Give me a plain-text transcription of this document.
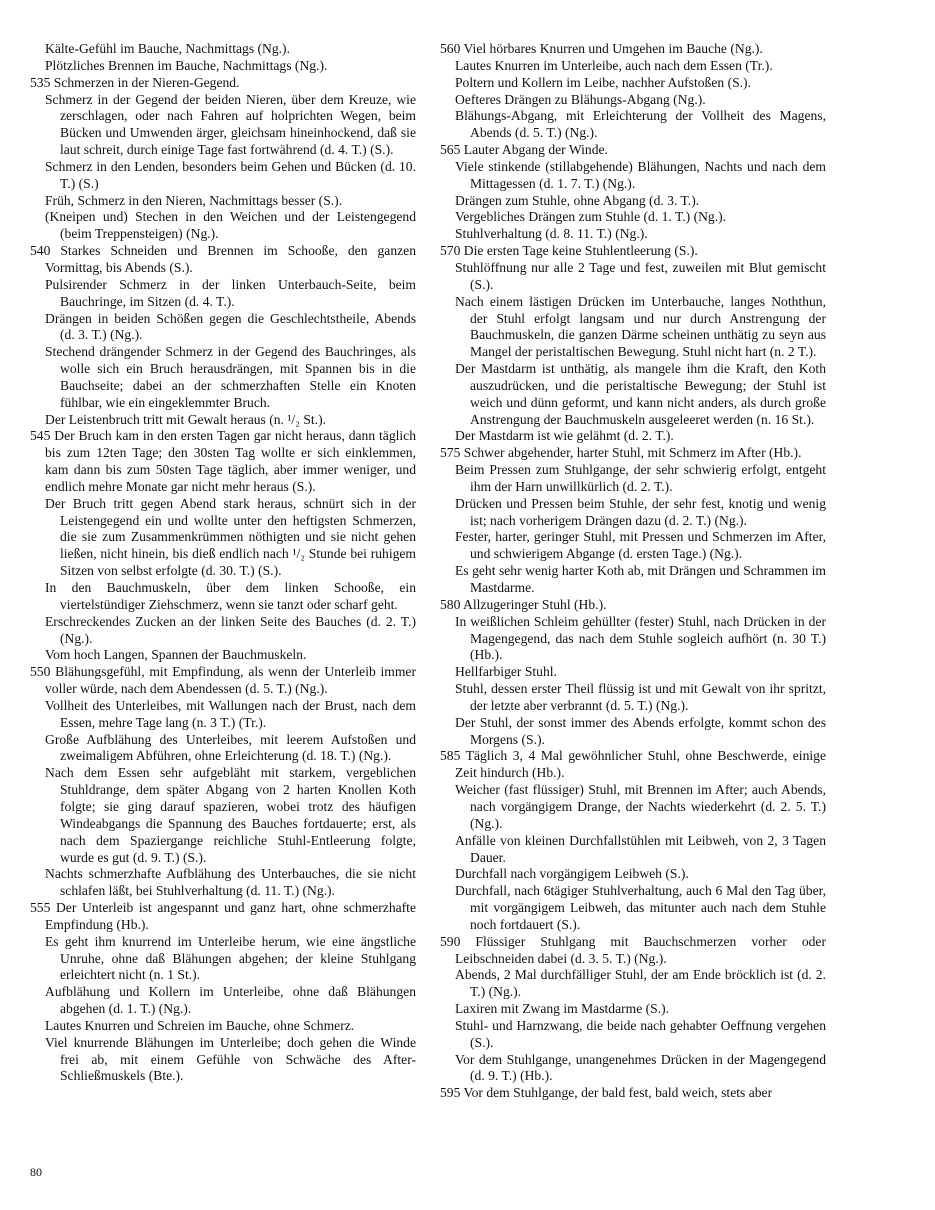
Kälte-Gefühl im Bauche, Nachmittags (Ng.).

Plötzliches Brennen im Bauche, Nachmittags (Ng.).

535 Schmerzen in der Nieren-Gegend.

Schmerz in der Gegend der beiden Nieren, über dem Kreuze, wie zerschlagen, oder nach Fahren auf holprichten Wegen, beim Bücken und Umwenden ärger, gleichsam hineinhockend, daß sie laut schreit, durch einige Tage fast fortwährend (d. 4. T.) (S.).

Schmerz in den Lenden, besonders beim Gehen und Bücken (d. 10. T.) (S.)

Früh, Schmerz in den Nieren, Nachmittags besser (S.).

(Kneipen und) Stechen in den Weichen und der Leistengegend (beim Treppensteigen) (Ng.).

540 Starkes Schneiden und Brennen im Schooße, den ganzen Vormittag, bis Abends (S.).

Pulsirender Schmerz in der linken Unterbauch-Seite, beim Bauchringe, im Sitzen (d. 4. T.).

Drängen in beiden Schößen gegen die Geschlechtstheile, Abends (d. 3. T.) (Ng.).

Stechend drängender Schmerz in der Gegend des Bauchringes, als wolle sich ein Bruch herausdrängen, mit Spannen bis in die Bauchseite; dabei an der schmerzhaften Stelle ein Knoten fühlbar, wie ein eingeklemmter Bruch.

Der Leistenbruch tritt mit Gewalt heraus (n. ¹/₂ St.).

545 Der Bruch kam in den ersten Tagen gar nicht heraus, dann täglich bis zum 12ten Tage; den 30sten Tag wollte er sich einklemmen, kam dann bis zum 50sten Tage täglich, aber immer weniger, und endlich mehre Monate gar nicht mehr heraus (S.).

Der Bruch tritt gegen Abend stark heraus, schnürt sich in der Leistengegend ein und wollte unter den heftigsten Schmerzen, die sie zum Zusammenkrümmen nöthigten und sie nicht gehen ließen, nicht hinein, bis dieß endlich nach ¹/₂ Stunde bei ruhigem Sitzen von selbst erfolgte (d. 30. T.) (S.).

In den Bauchmuskeln, über dem linken Schooße, ein viertelstündiger Ziehschmerz, wenn sie tanzt oder scharf geht.

Erschreckendes Zucken an der linken Seite des Bauches (d. 2. T.) (Ng.).

Vom hoch Langen, Spannen der Bauchmuskeln.

550 Blähungsgefühl, mit Empfindung, als wenn der Unterleib immer voller würde, nach dem Abendessen (d. 5. T.) (Ng.).

Vollheit des Unterleibes, mit Wallungen nach der Brust, nach dem Essen, mehre Tage lang (n. 3 T.) (Tr.).

Große Aufblähung des Unterleibes, mit leerem Aufstoßen und zweimaligem Abführen, ohne Erleichterung (d. 18. T.) (Ng.).

Nach dem Essen sehr aufgebläht mit starkem, vergeblichen Stuhldrange, dem später Abgang von 2 harten Knollen Koth folgte; sie ging darauf spazieren, wobei trotz des häufigen Windeabgangs die Spannung des Bauches fortdauerte; erst, als nach dem Spaziergange reichliche Stuhl-Entleerung folgte, wurde es gut (d. 9. T.) (S.).

Nachts schmerzhafte Aufblähung des Unterbauches, die sie nicht schlafen läßt, bei Stuhlverhaltung (d. 11. T.) (Ng.).

555 Der Unterleib ist angespannt und ganz hart, ohne schmerzhafte Empfindung (Hb.).

Es geht ihm knurrend im Unterleibe herum, wie eine ängstliche Unruhe, ohne daß Blähungen abgehen; der kleine Stuhlgang erleichtert nicht (n. 1 St.).

Aufblähung und Kollern im Unterleibe, ohne daß Blähungen abgehen (d. 1. T.) (Ng.).

Lautes Knurren und Schreien im Bauche, ohne Schmerz.

Viel knurrende Blähungen im Unterleibe; doch gehen die Winde frei ab, mit einem Gefühle von Schwäche des After-Schließmuskels (Bte.).

560 Viel hörbares Knurren und Umgehen im Bauche (Ng.).

Lautes Knurren im Unterleibe, auch nach dem Essen (Tr.).

Poltern und Kollern im Leibe, nachher Aufstoßen (S.).

Oefteres Drängen zu Blähungs-Abgang (Ng.).

Blähungs-Abgang, mit Erleichterung der Vollheit des Magens, Abends (d. 5. T.) (Ng.).

565 Lauter Abgang der Winde.

Viele stinkende (stillabgehende) Blähungen, Nachts und nach dem Mittagessen (d. 1. 7. T.) (Ng.).

Drängen zum Stuhle, ohne Abgang (d. 3. T.).

Vergebliches Drängen zum Stuhle (d. 1. T.) (Ng.).

Stuhlverhaltung (d. 8. 11. T.) (Ng.).

570 Die ersten Tage keine Stuhlentleerung (S.).

Stuhlöffnung nur alle 2 Tage und fest, zuweilen mit Blut gemischt (S.).

Nach einem lästigen Drücken im Unterbauche, langes Noththun, der Stuhl erfolgt langsam und nur durch Anstrengung der Bauchmuskeln, die ganzen Därme scheinen unthätig zu seyn aus Mangel der peristaltischen Bewegung. Stuhl nicht hart (n. 2 T.).

Der Mastdarm ist unthätig, als mangele ihm die Kraft, den Koth auszudrücken, und die peristaltische Bewegung; der Stuhl ist weich und dünn geformt, und kann nicht anders, als durch große Anstrengung der Bauchmuskeln ausgeleeret werden (n. 16 St.).

Der Mastdarm ist wie gelähmt (d. 2. T.).

575 Schwer abgehender, harter Stuhl, mit Schmerz im After (Hb.).

Beim Pressen zum Stuhlgange, der sehr schwierig erfolgt, entgeht ihm der Harn unwillkürlich (d. 2. T.).

Drücken und Pressen beim Stuhle, der sehr fest, knotig und wenig ist; nach vorherigem Drängen dazu (d. 2. T.) (Ng.).

Fester, harter, geringer Stuhl, mit Pressen und Schmerzen im After, und schwierigem Abgange (d. ersten Tage.) (Ng.).

Es geht sehr wenig harter Koth ab, mit Drängen und Schrammen im Mastdarme.

580 Allzugeringer Stuhl (Hb.).

In weißlichen Schleim gehüllter (fester) Stuhl, nach Drücken in der Magengegend, das nach dem Stuhle sogleich aufhört (n. 30 T.) (Hb.).

Hellfarbiger Stuhl.

Stuhl, dessen erster Theil flüssig ist und mit Gewalt von ihr spritzt, der letzte aber verbrannt (d. 5. T.) (Ng.).

Der Stuhl, der sonst immer des Abends erfolgte, kommt schon des Morgens (S.).

585 Täglich 3, 4 Mal gewöhnlicher Stuhl, ohne Beschwerde, einige Zeit hindurch (Hb.).

Weicher (fast flüssiger) Stuhl, mit Brennen im After; auch Abends, nach vorgängigem Drange, der Nachts wiederkehrt (d. 2. 5. T.) (Ng.).

Anfälle von kleinen Durchfallstühlen mit Leibweh, von 2, 3 Tagen Dauer.

Durchfall nach vorgängigem Leibweh (S.).

Durchfall, nach 6tägiger Stuhlverhaltung, auch 6 Mal den Tag über, mit vorgängigem Leibweh, das mitunter auch nach dem Stuhle noch fortdauert (S.).

590 Flüssiger Stuhlgang mit Bauchschmerzen vorher oder Leibschneiden dabei (d. 3. 5. T.) (Ng.).

Abends, 2 Mal durchfälliger Stuhl, der am Ende bröcklich ist (d. 2. T.) (Ng.).

Laxiren mit Zwang im Mastdarme (S.).

Stuhl- und Harnzwang, die beide nach gehabter Oeffnung vergehen (S.).

Vor dem Stuhlgange, unangenehmes Drücken in der Magengegend (d. 9. T.) (Hb.).

595 Vor dem Stuhlgange, der bald fest, bald weich, stets aber

80
